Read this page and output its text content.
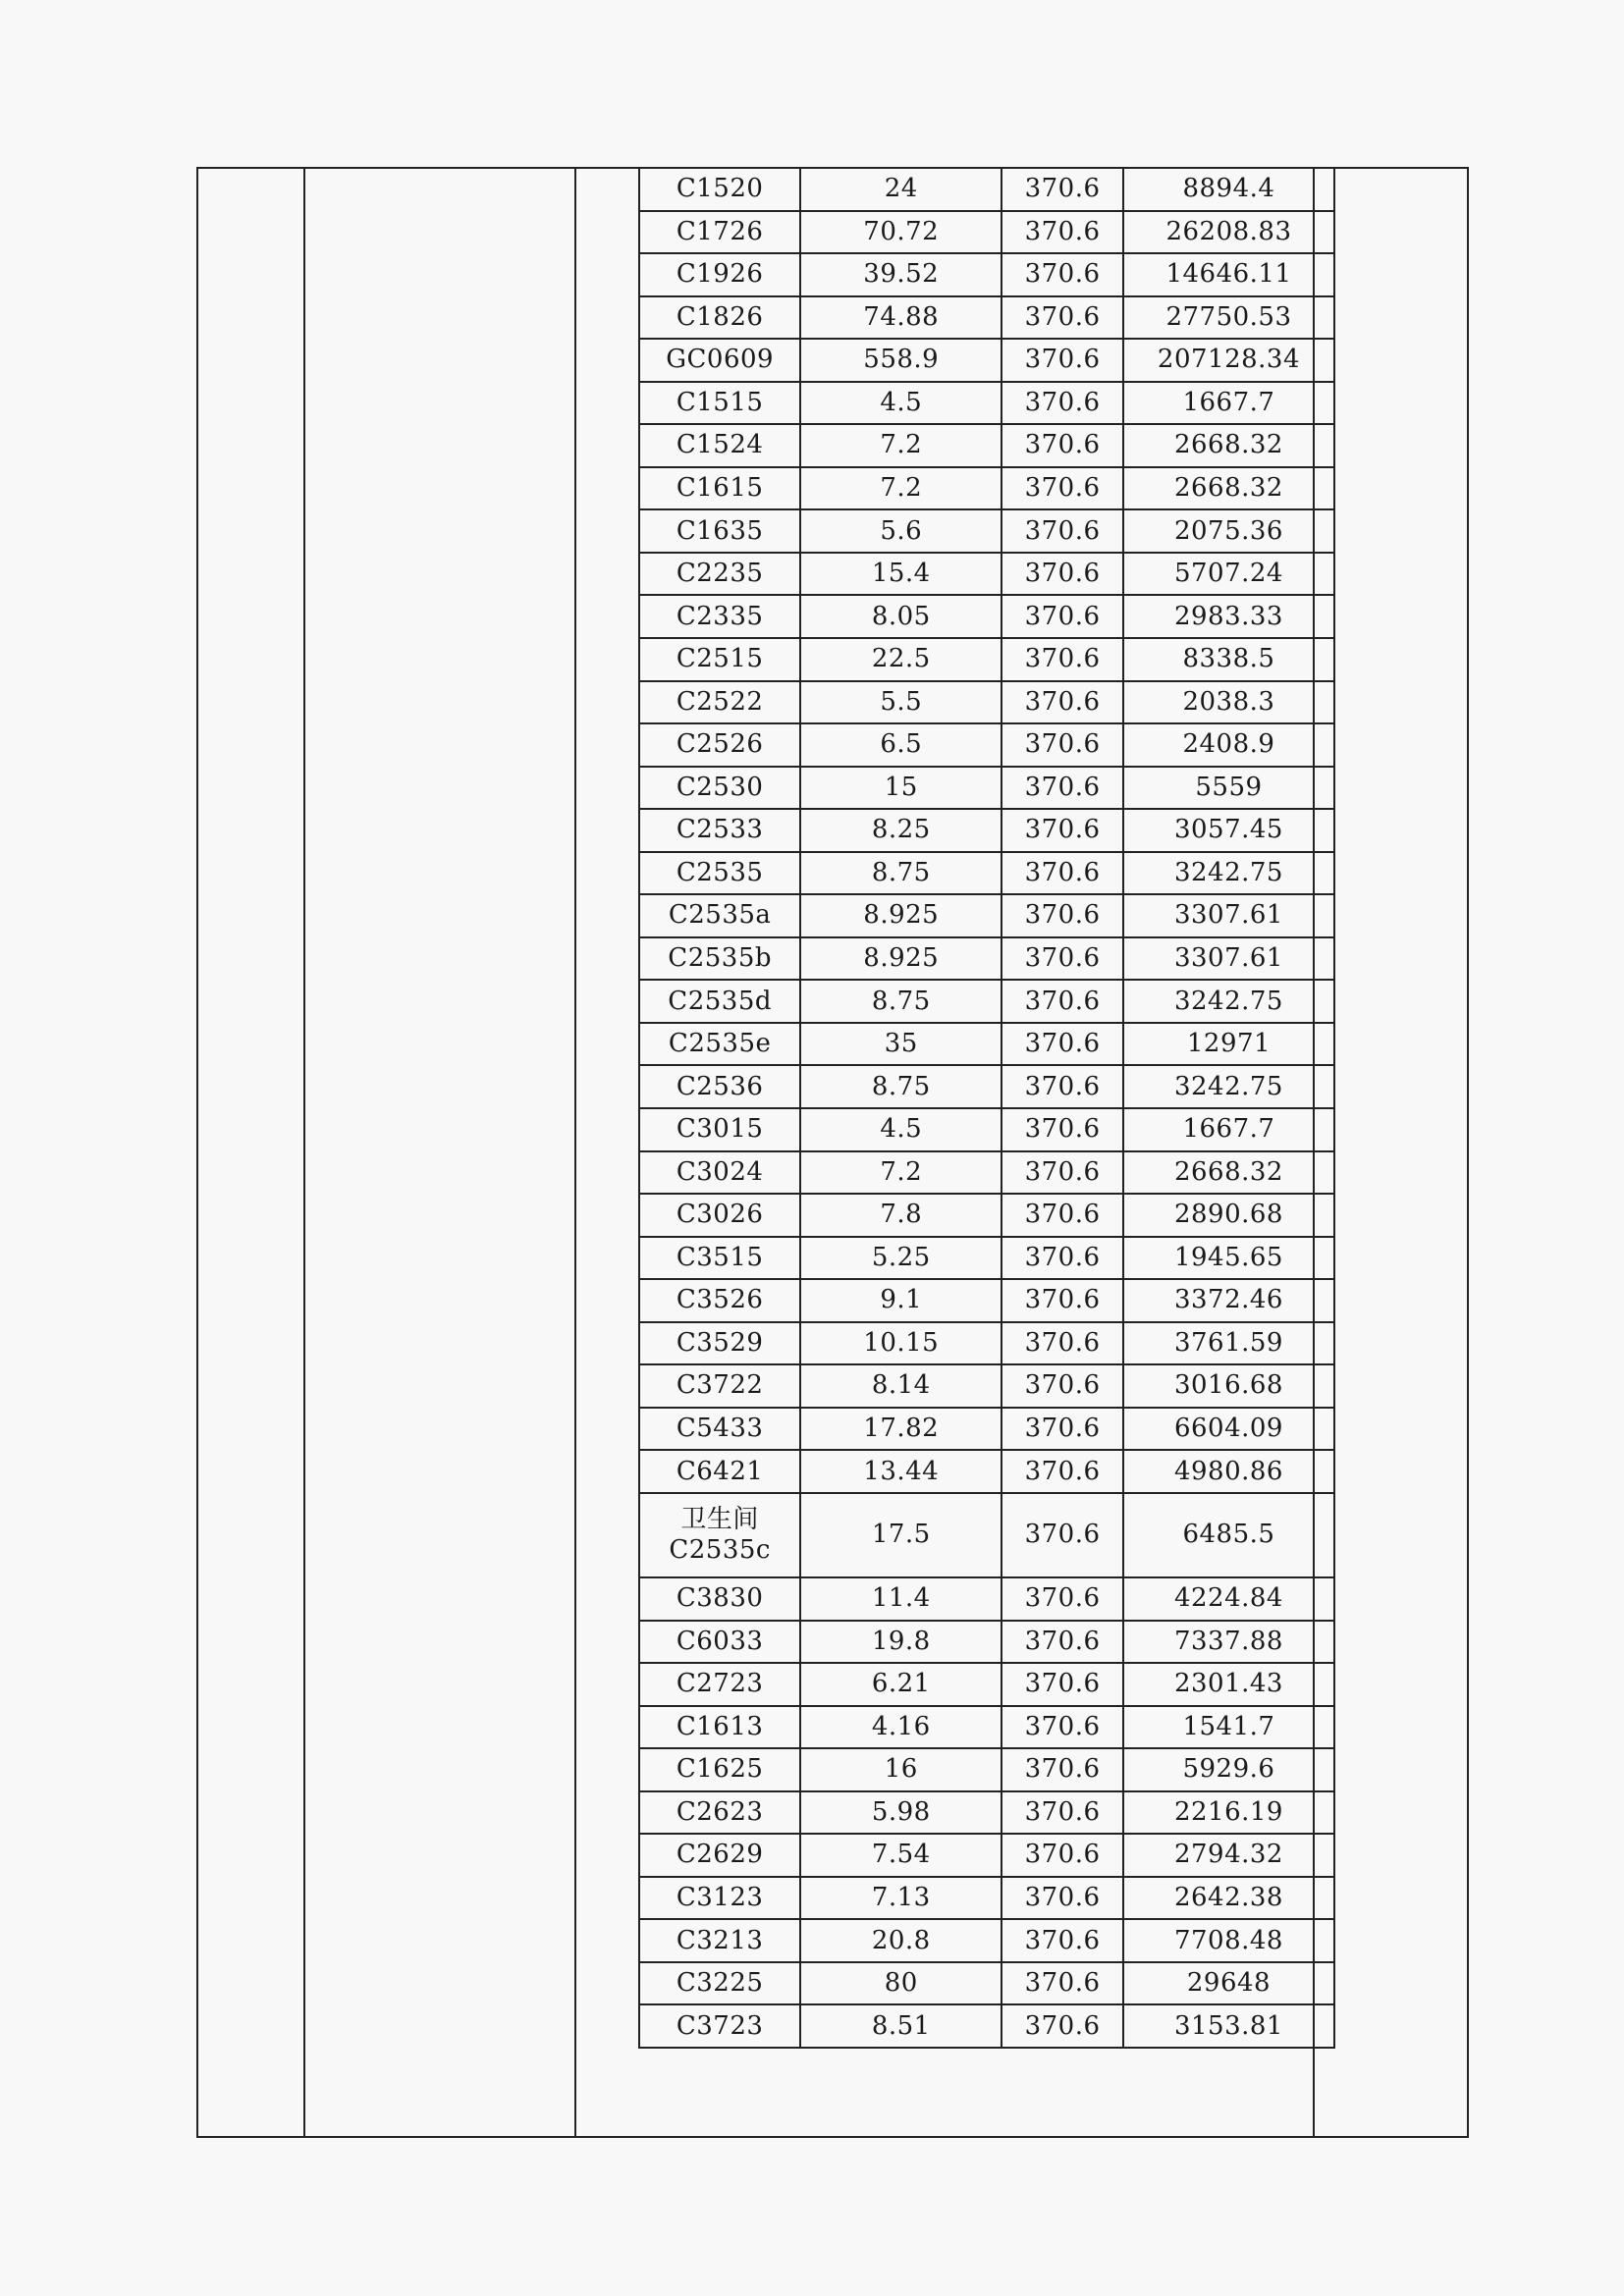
C1520	24	370.6	8894.4
C1726	70.72	370.6	26208.83
C1926	39.52	370.6	14646.11
C1826	74.88	370.6	27750.53
GC0609	558.9	370.6	207128.34
C1515	4.5	370.6	1667.7
C1524	7.2	370.6	2668.32
C1615	7.2	370.6	2668.32
C1635	5.6	370.6	2075.36
C2235	15.4	370.6	5707.24
C2335	8.05	370.6	2983.33
C2515	22.5	370.6	8338.5
C2522	5.5	370.6	2038.3
C2526	6.5	370.6	2408.9
C2530	15	370.6	5559
C2533	8.25	370.6	3057.45
C2535	8.75	370.6	3242.75
C2535a	8.925	370.6	3307.61
C2535b	8.925	370.6	3307.61
C2535d	8.75	370.6	3242.75
C2535e	35	370.6	12971
C2536	8.75	370.6	3242.75
C3015	4.5	370.6	1667.7
C3024	7.2	370.6	2668.32
C3026	7.8	370.6	2890.68
C3515	5.25	370.6	1945.65
C3526	9.1	370.6	3372.46
C3529	10.15	370.6	3761.59
C3722	8.14	370.6	3016.68
C5433	17.82	370.6	6604.09
C6421	13.44	370.6	4980.86

卫生间
C2535c	17.5	370.6	6485.5
C3830	11.4	370.6	4224.84
C6033	19.8	370.6	7337.88
C2723	6.21	370.6	2301.43
C1613	4.16	370.6	1541.7
C1625	16	370.6	5929.6
C2623	5.98	370.6	2216.19
C2629	7.54	370.6	2794.32
C3123	7.13	370.6	2642.38
C3213	20.8	370.6	7708.48
C3225	80	370.6	29648
C3723	8.51	370.6	3153.81
